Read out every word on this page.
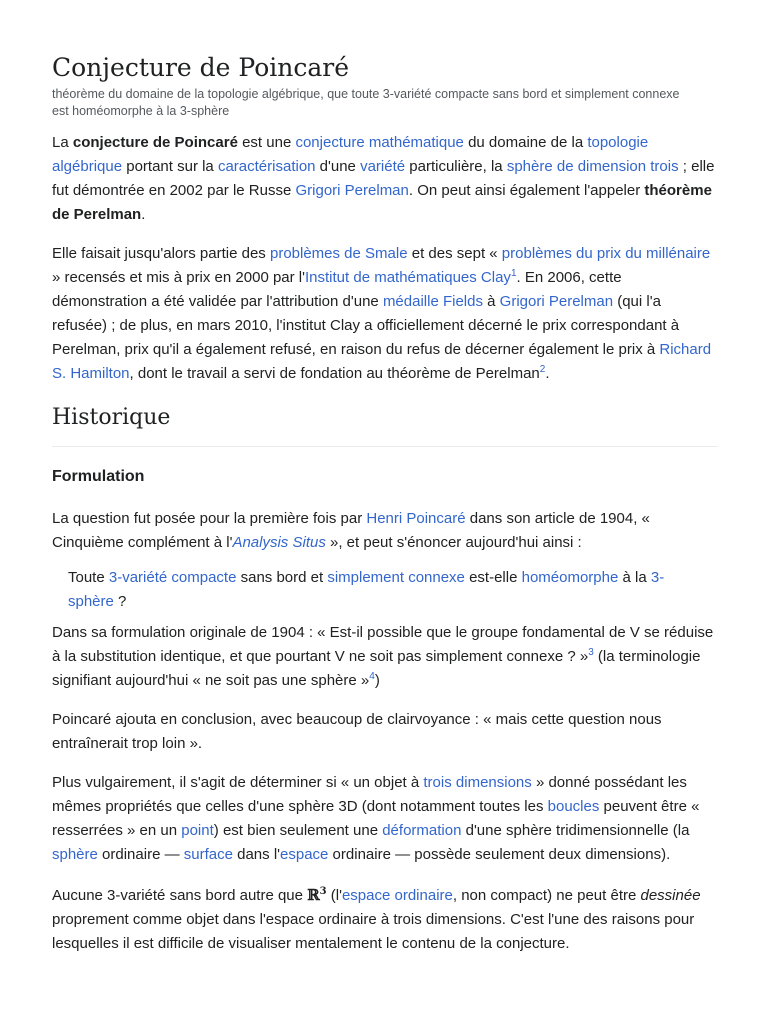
Conjecture de Poincaré
théorème du domaine de la topologie algébrique, que toute 3-variété compacte sans bord et simplement connexe est homéomorphe à la 3-sphère

La conjecture de Poincaré est une conjecture mathématique du domaine de la topologie algébrique portant sur la caractérisation d'une variété particulière, la sphère de dimension trois ; elle fut démontrée en 2002 par le Russe Grigori Perelman. On peut ainsi également l'appeler théorème de Perelman.

Elle faisait jusqu'alors partie des problèmes de Smale et des sept « problèmes du prix du millénaire » recensés et mis à prix en 2000 par l'Institut de mathématiques Clay$^1$. En 2006, cette démonstration a été validée par l'attribution d'une médaille Fields à Grigori Perelman (qui l'a refusée) ; de plus, en mars 2010, l'institut Clay a officiellement décerné le prix correspondant à Perelman, prix qu'il a également refusé, en raison du refus de décerner également le prix à Richard S. Hamilton, dont le travail a servi de fondation au théorème de Perelman$^2$.

Historique
Formulation

La question fut posée pour la première fois par Henri Poincaré dans son article de 1904, « Cinquième complément à l'Analysis Situs », et peut s'énoncer aujourd'hui ainsi :

Toute 3-variété compacte sans bord et simplement connexe est-elle homéomorphe à la 3-sphère ?

Dans sa formulation originale de 1904 : « Est-il possible que le groupe fondamental de V se réduise à la substitution identique, et que pourtant V ne soit pas simplement connexe ? »$^3$ (la terminologie signifiant aujourd'hui « ne soit pas une sphère »$^4$)

Poincaré ajouta en conclusion, avec beaucoup de clairvoyance : « mais cette question nous entraînerait trop loin ».

Plus vulgairement, il s'agit de déterminer si « un objet à trois dimensions » donné possédant les mêmes propriétés que celles d'une sphère 3D (dont notamment toutes les boucles peuvent être « resserrées » en un point) est bien seulement une déformation d'une sphère tridimensionnelle (la sphère ordinaire — surface dans l'espace ordinaire — possède seulement deux dimensions).

Aucune 3-variété sans bord autre que ℝ$^3$ (l'espace ordinaire, non compact) ne peut être dessinée proprement comme objet dans l'espace ordinaire à trois dimensions. C'est l'une des raisons pour lesquelles il est difficile de visualiser mentalement le contenu de la conjecture.
